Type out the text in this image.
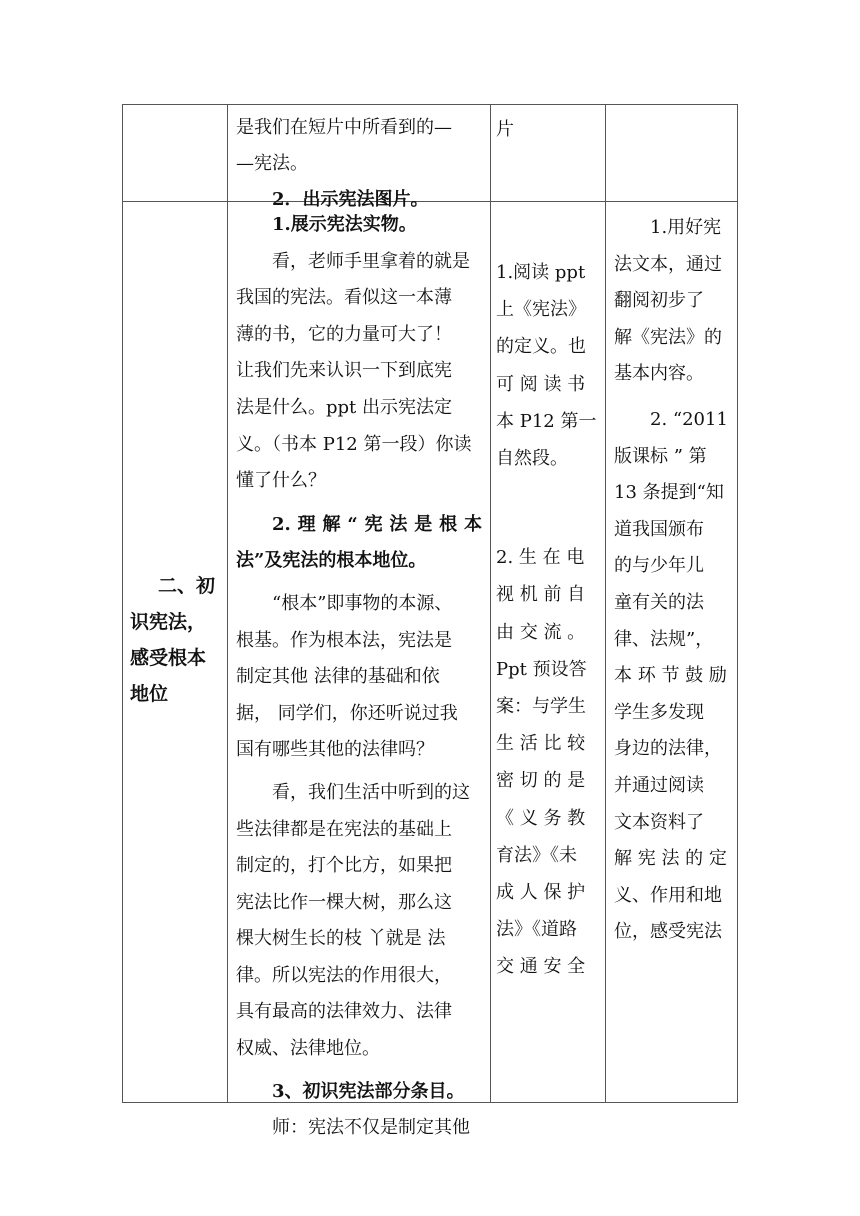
是我们在短片中所看到的—

—宪法。

2．出示宪法图片。

片

二、初

识宪法，

感受根本

地位

1.展示宪法实物。

看，老师手里拿着的就是

我国的宪法。看似这一本薄

薄的书，它的力量可大了！

让我们先来认识一下到底宪

法是什么。ppt 出示宪法定

义。（书本 P12 第一段）你读

懂了什么？

2.理解“宪法是根本

法”及宪法的根本地位。

“根本”即事物的本源、

根基。作为根本法，宪法是

制定其他 法律的基础和依

据， 同学们，你还听说过我

国有哪些其他的法律吗？

看，我们生活中听到的这

些法律都是在宪法的基础上

制定的，打个比方，如果把

宪法比作一棵大树，那么这

棵大树生长的枝 丫就是 法

律。所以宪法的作用很大，

具有最高的法律效力、法律

权威、法律地位。

3、初识宪法部分条目。

师：宪法不仅是制定其他

1.阅读 ppt

上《宪法》

的定义。也

可 阅 读 书

本 P12 第一

自然段。

2. 生 在 电

视 机 前 自

由 交 流 。

Ppt 预设答

案：与学生

生 活 比 较

密 切 的 是

《 义 务 教

育法》《未

成 人 保 护

法》《道路

交 通 安 全

1.用好宪

法文本，通过

翻阅初步了

解《宪法》的

基本内容。

2. “2011

版课标 ” 第

13 条提到“知

道我国颁布

的与少年儿

童有关的法

律、法规”，

本 环 节 鼓 励

学生多发现

身边的法律，

并通过阅读

文本资料了

解 宪 法 的 定

义、作用和地

位，感受宪法
